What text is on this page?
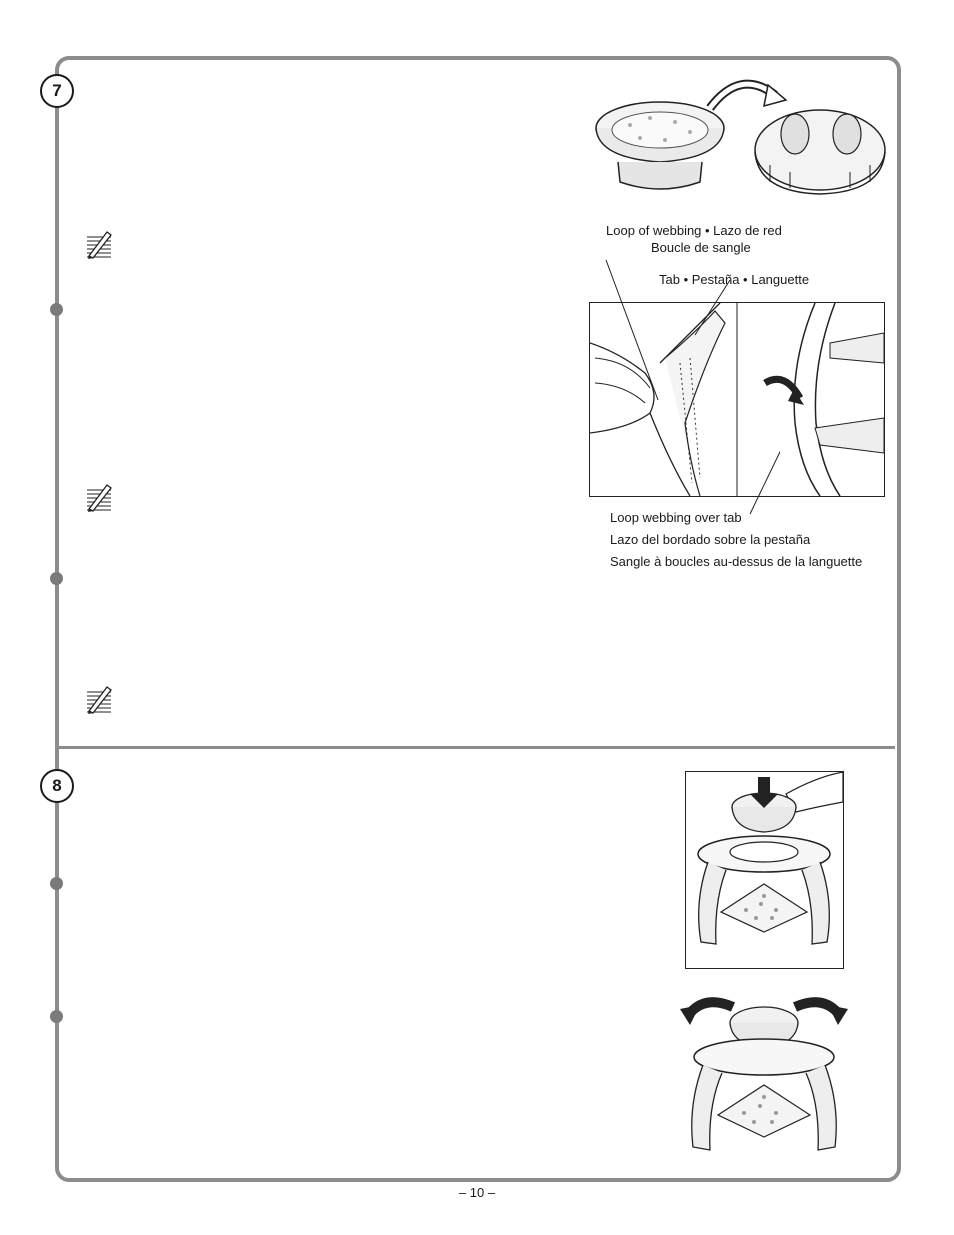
7
8
Loop of webbing • Lazo de red
Boucle de sangle
Tab • Pestaña • Languette
Loop webbing over tab
Lazo del bordado sobre la pestaña
Sangle à boucles au-dessus de la languette
– 10 –
